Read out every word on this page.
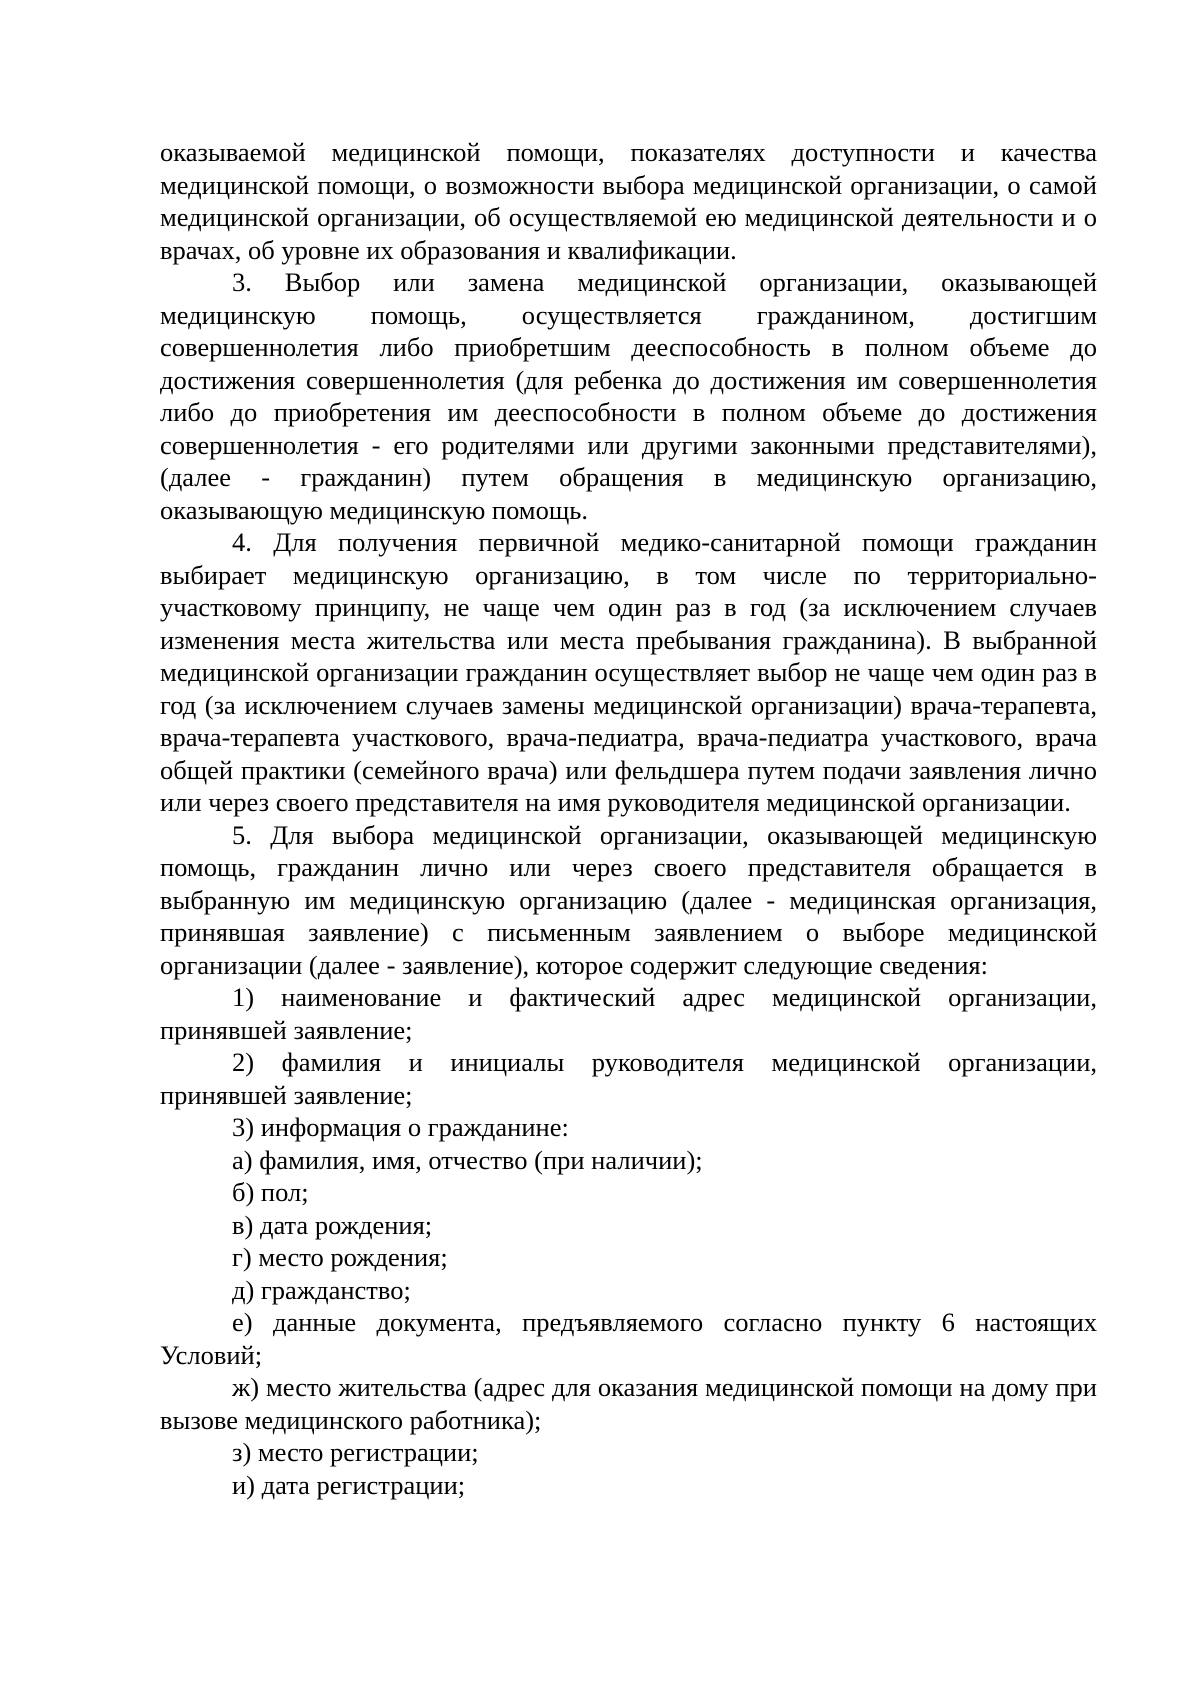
оказываемой медицинской помощи, показателях доступности и качества медицинской помощи, о возможности выбора медицинской организации, о самой медицинской организации, об осуществляемой ею медицинской деятельности и о врачах, об уровне их образования и квалификации.

3. Выбор или замена медицинской организации, оказывающей медицинскую помощь, осуществляется гражданином, достигшим совершеннолетия либо приобретшим дееспособность в полном объеме до достижения совершеннолетия (для ребенка до достижения им совершеннолетия либо до приобретения им дееспособности в полном объеме до достижения совершеннолетия - его родителями или другими законными представителями), (далее - гражданин) путем обращения в медицинскую организацию, оказывающую медицинскую помощь.

4. Для получения первичной медико-санитарной помощи гражданин выбирает медицинскую организацию, в том числе по территориально-участковому принципу, не чаще чем один раз в год (за исключением случаев изменения места жительства или места пребывания гражданина). В выбранной медицинской организации гражданин осуществляет выбор не чаще чем один раз в год (за исключением случаев замены медицинской организации) врача-терапевта, врача-терапевта участкового, врача-педиатра, врача-педиатра участкового, врача общей практики (семейного врача) или фельдшера путем подачи заявления лично или через своего представителя на имя руководителя медицинской организации.

5. Для выбора медицинской организации, оказывающей медицинскую помощь, гражданин лично или через своего представителя обращается в выбранную им медицинскую организацию (далее - медицинская организация, принявшая заявление) с письменным заявлением о выборе медицинской организации (далее - заявление), которое содержит следующие сведения:

1) наименование и фактический адрес медицинской организации, принявшей заявление;

2) фамилия и инициалы руководителя медицинской организации, принявшей заявление;

3) информация о гражданине:

а) фамилия, имя, отчество (при наличии);

б) пол;

в) дата рождения;

г) место рождения;

д) гражданство;

е) данные документа, предъявляемого согласно пункту 6 настоящих Условий;

ж) место жительства (адрес для оказания медицинской помощи на дому при вызове медицинского работника);

з) место регистрации;

и) дата регистрации;
